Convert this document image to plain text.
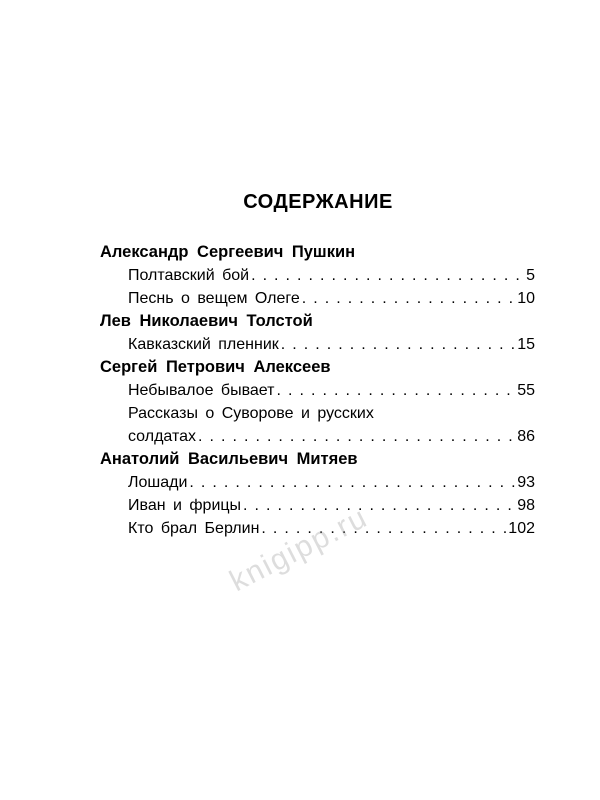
СОДЕРЖАНИЕ
Александр Сергеевич Пушкин
Полтавский бой . . .	5
Песнь о вещем Олеге . . .	10
Лев Николаевич Толстой
Кавказский пленник . . .	15
Сергей Петрович Алексеев
Небывалое бывает . . .	55
Рассказы о Суворове и русских
солдатах . . .	86
Анатолий Васильевич Митяев
Лошади . . .	93
Иван и фрицы . . .	98
Кто брал Берлин . . .	102
knigipp.ru
